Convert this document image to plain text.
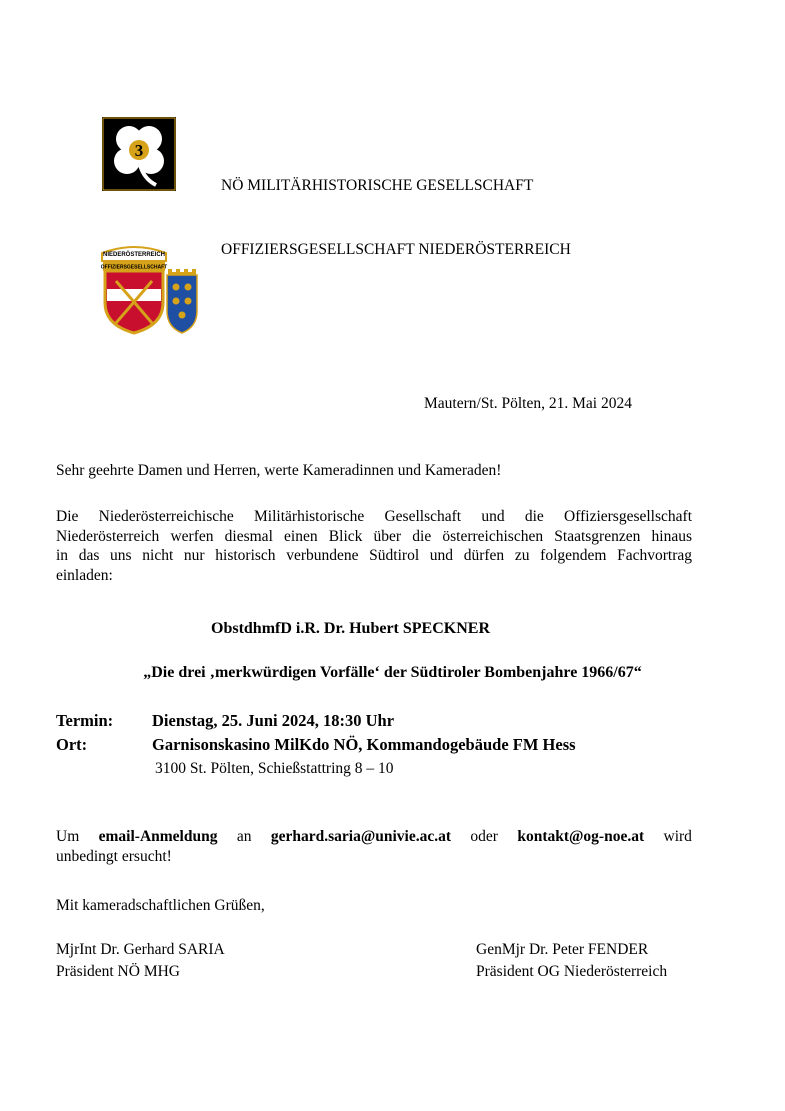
3
NÖ MILITÄRHISTORISCHE GESELLSCHAFT
NIEDERÖSTERREICH
OFFIZIERSGESELLSCHAFT
OFFIZIERSGESELLSCHAFT NIEDERÖSTERREICH
Mautern/St. Pölten, 21. Mai 2024
Sehr geehrte Damen und Herren, werte Kameradinnen und Kameraden!
Die Niederösterreichische Militärhistorische Gesellschaft und die Offiziersgesellschaft
Niederösterreich werfen diesmal einen Blick über die österreichischen Staatsgrenzen hinaus
in das uns nicht nur historisch verbundene Südtirol und dürfen zu folgendem Fachvortrag
einladen:
ObstdhmfD i.R. Dr. Hubert SPECKNER
„Die drei ‚merkwürdigen Vorfälle‘ der Südtiroler Bombenjahre 1966/67“
Termin: Dienstag, 25. Juni 2024, 18:30 Uhr
Ort:	Garnisonskasino MilKdo NÖ, Kommandogebäude FM Hess
3100 St. Pölten, Schießstattring 8 – 10
Um email-Anmeldung an gerhard.saria@univie.ac.at oder kontakt@og-noe.at wird
unbedingt ersucht!
Mit kameradschaftlichen Grüßen,
MjrInt Dr. Gerhard SARIA
Präsident NÖ MHG
GenMjr Dr. Peter FENDER
Präsident OG Niederösterreich
